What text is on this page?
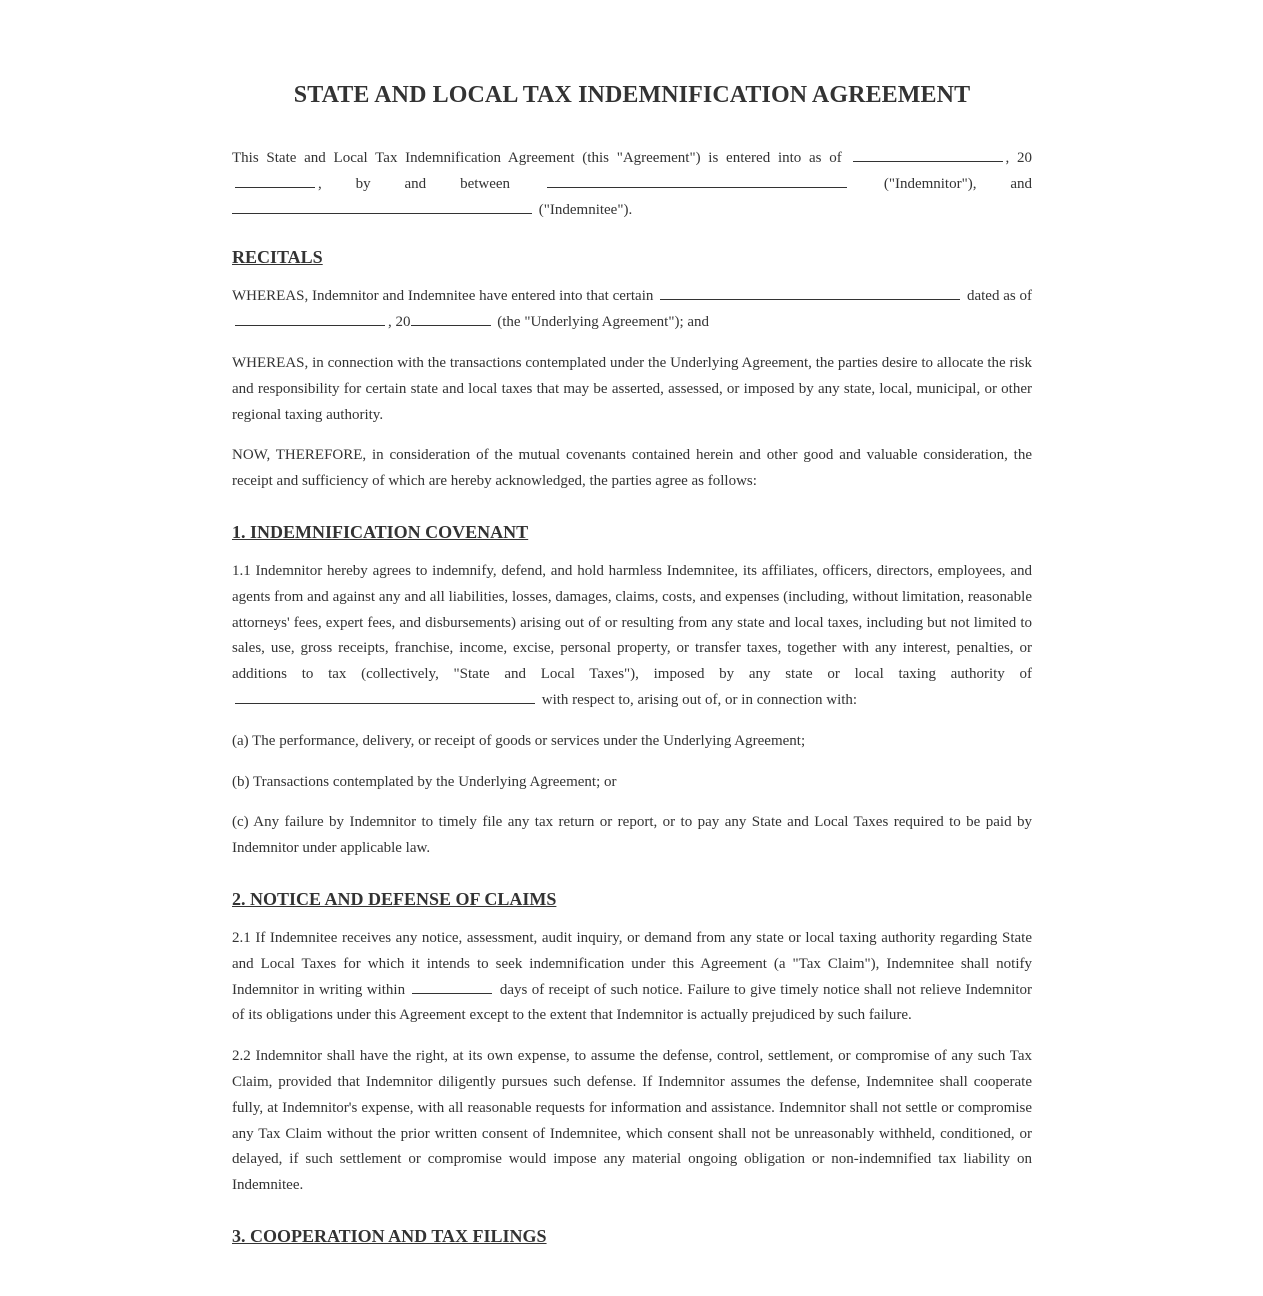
STATE AND LOCAL TAX INDEMNIFICATION AGREEMENT

This State and Local Tax Indemnification Agreement (this "Agreement") is entered into as of	, 20, by and between	("Indemnitor"), and  ("Indemnitee").

RECITALS

WHEREAS, Indemnitor and Indemnitee have entered into that certain	dated as of , 20	(the "Underlying Agreement"); and

WHEREAS, in connection with the transactions contemplated under the Underlying Agreement, the parties desire to allocate the risk and responsibility for certain state and local taxes that may be asserted, assessed, or imposed by any state, local, municipal, or other regional taxing authority.

NOW, THEREFORE, in consideration of the mutual covenants contained herein and other good and valuable consideration, the receipt and sufficiency of which are hereby acknowledged, the parties agree as follows:

1. INDEMNIFICATION COVENANT

1.1 Indemnitor hereby agrees to indemnify, defend, and hold harmless Indemnitee, its affiliates, officers, directors, employees, and agents from and against any and all liabilities, losses, damages, claims, costs, and expenses (including, without limitation, reasonable attorneys' fees, expert fees, and disbursements) arising out of or resulting from any state and local taxes, including but not limited to sales, use, gross receipts, franchise, income, excise, personal property, or transfer taxes, together with any interest, penalties, or additions to tax (collectively, "State and Local Taxes"), imposed by any state or local taxing authority of  with respect to, arising out of, or in connection with:

(a) The performance, delivery, or receipt of goods or services under the Underlying Agreement;

(b) Transactions contemplated by the Underlying Agreement; or

(c) Any failure by Indemnitor to timely file any tax return or report, or to pay any State and Local Taxes required to be paid by Indemnitor under applicable law.

2. NOTICE AND DEFENSE OF CLAIMS

2.1 If Indemnitee receives any notice, assessment, audit inquiry, or demand from any state or local taxing authority regarding State and Local Taxes for which it intends to seek indemnification under this Agreement (a "Tax Claim"), Indemnitee shall notify Indemnitor in writing within	days of receipt of such notice. Failure to give timely notice shall not relieve Indemnitor of its obligations under this Agreement except to the extent that Indemnitor is actually prejudiced by such failure.

2.2 Indemnitor shall have the right, at its own expense, to assume the defense, control, settlement, or compromise of any such Tax Claim, provided that Indemnitor diligently pursues such defense. If Indemnitor assumes the defense, Indemnitee shall cooperate fully, at Indemnitor's expense, with all reasonable requests for information and assistance. Indemnitor shall not settle or compromise any Tax Claim without the prior written consent of Indemnitee, which consent shall not be unreasonably withheld, conditioned, or delayed, if such settlement or compromise would impose any material ongoing obligation or non-indemnified tax liability on Indemnitee.

3. COOPERATION AND TAX FILINGS
